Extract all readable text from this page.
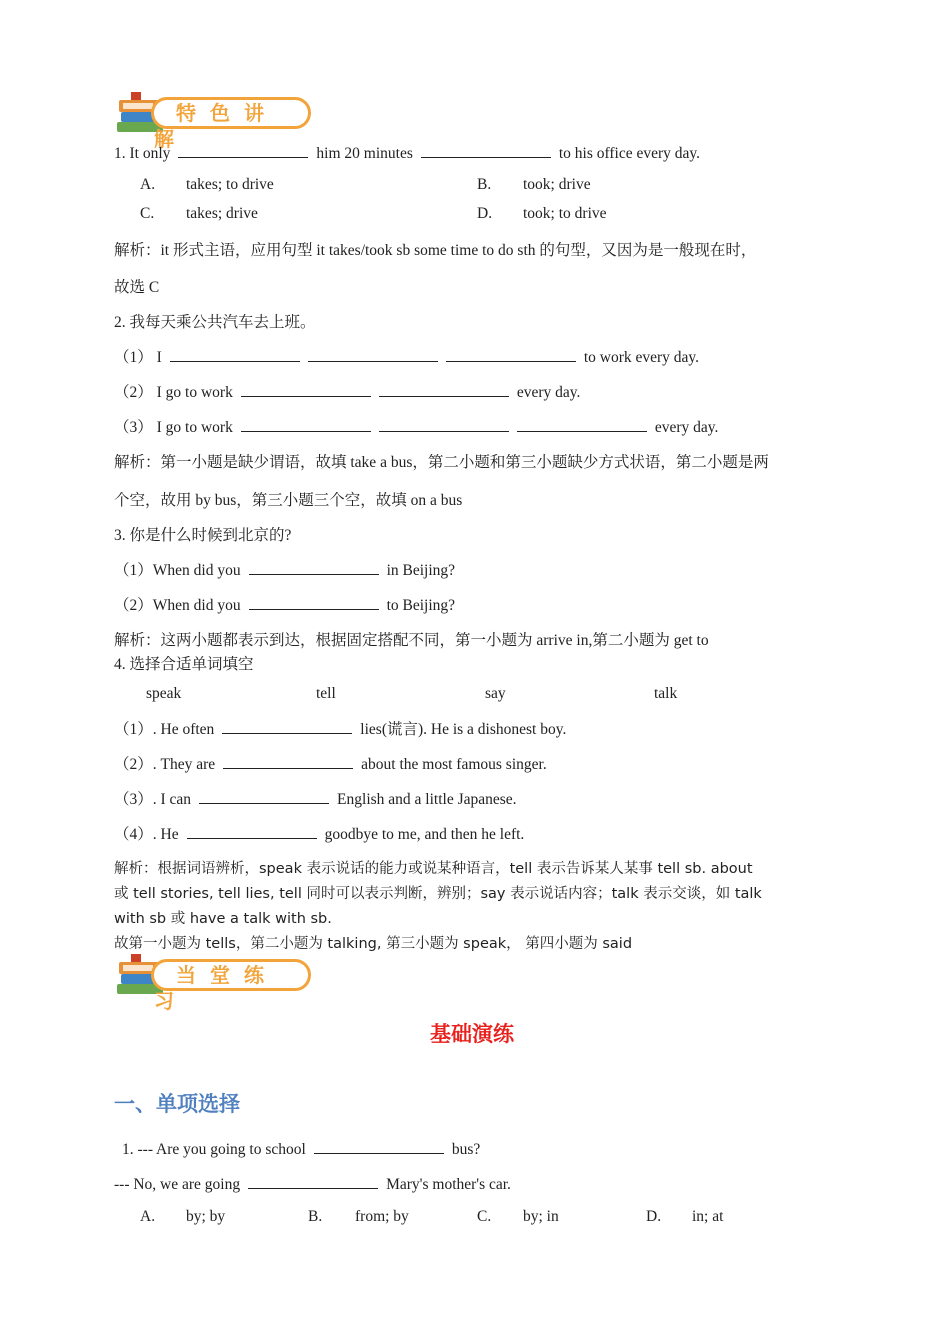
特色讲解
1. It only	him 20 minutes	to his office every day.
A. takes; to drive	B. took; drive
C. takes; drive	D. took; to drive
解析：it 形式主语，应用句型 it takes/took sb some time to do sth 的句型，又因为是一般现在时，
故选 C
2. 我每天乘公共汽车去上班。
（1） I	to work every day.
（2） I go to work	every day.
（3） I go to work	every day.
解析：第一小题是缺少谓语，故填 take a bus，第二小题和第三小题缺少方式状语，第二小题是两
个空，故用 by bus，第三小题三个空，故填 on a bus
3. 你是什么时候到北京的?
（1）When did you	in Beijing?
（2）When did you	to Beijing?
解析：这两小题都表示到达，根据固定搭配不同，第一小题为 arrive in,第二小题为 get to
4. 选择合适单词填空
speak	tell	say	talk
（1）. He often	lies(谎言). He is a dishonest boy.
（2）. They are	about the most famous singer.
（3）. I can	English and a little Japanese.
（4）. He	goodbye to me, and then he left.
解析：根据词语辨析，speak 表示说话的能力或说某种语言，tell 表示告诉某人某事 tell sb. about
或 tell stories, tell lies, tell 同时可以表示判断，辨别；say 表示说话内容；talk 表示交谈，如 talk
with sb 或 have a talk with sb.
故第一小题为 tells，第二小题为 talking, 第三小题为 speak， 第四小题为 said
当堂练习
基础演练
一、单项选择
1. --- Are you going to school	bus?
--- No, we are going	Mary's mother's car.
A. by; by	B. from; by	C. by; in	D. in; at
